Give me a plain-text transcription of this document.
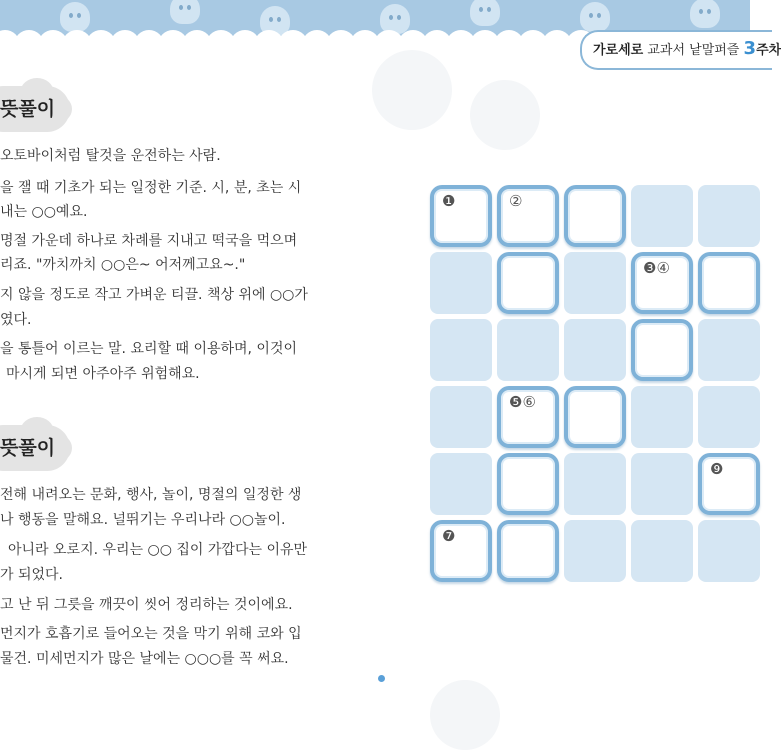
가로세로 교과서 낱말퍼즐 3주차
뜻풀이
오토바이처럼 탈것을 운전하는 사람.
을 잴 때 기초가 되는 일정한 기준. 시, 분, 초는 시
내는 ○○예요.
명절 가운데 하나로 차례를 지내고 떡국을 먹으며
리죠. "까치까치 ○○은~ 어저께고요~."
지 않을 정도로 작고 가벼운 티끌. 책상 위에 ○○가
였다.
을 통틀어 이르는 말. 요리할 때 이용하며, 이것이
마시게 되면 아주아주 위험해요.
뜻풀이
전해 내려오는 문화, 행사, 놀이, 명절의 일정한 생
나 행동을 말해요. 널뛰기는 우리나라 ○○놀이.
아니라 오로지. 우리는 ○○ 집이 가깝다는 이유만
가 되었다.
고 난 뒤 그릇을 깨끗이 씻어 정리하는 것이에요.
먼지가 호흡기로 들어오는 것을 막기 위해 코와 입
물건. 미세먼지가 많은 날에는 ○○○를 꼭 써요.
❶	②
❸④
❺⑥
❾
❼
